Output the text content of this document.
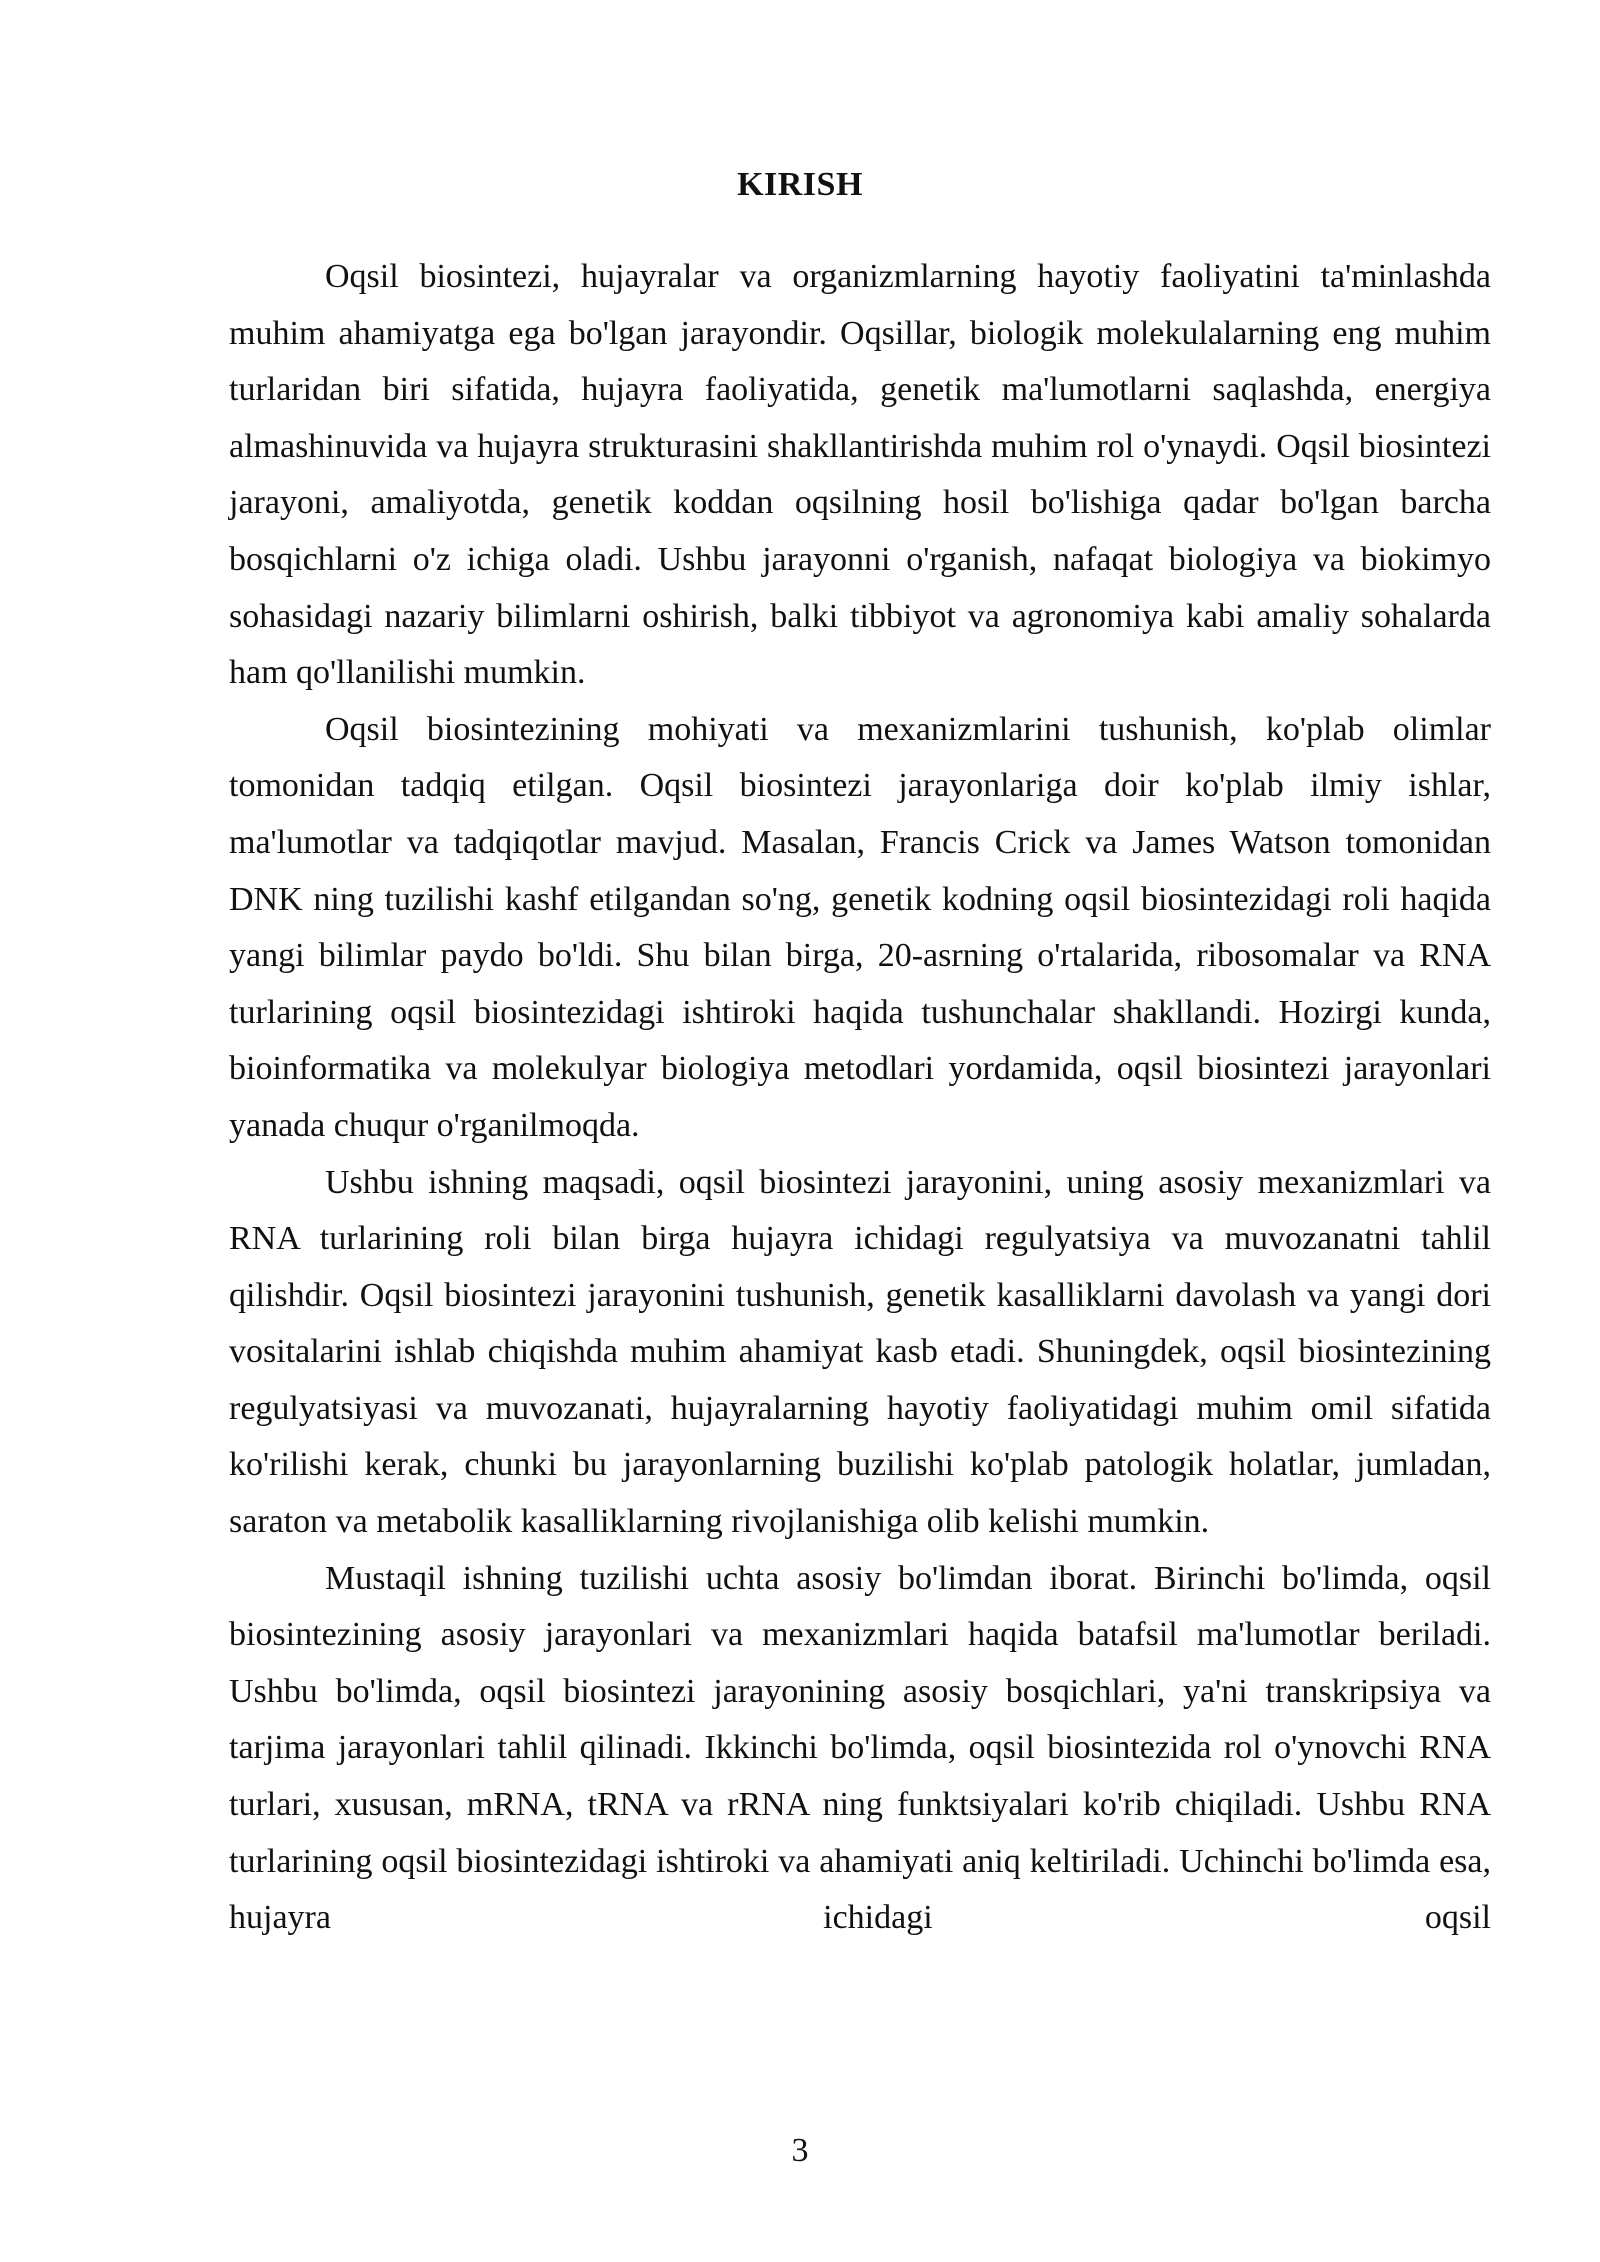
KIRISH

Oqsil biosintezi, hujayralar va organizmlarning hayotiy faoliyatini ta'minlashda muhim ahamiyatga ega bo'lgan jarayondir. Oqsillar, biologik molekulalarning eng muhim turlaridan biri sifatida, hujayra faoliyatida, genetik ma'lumotlarni saqlashda, energiya almashinuvida va hujayra strukturasini shakllantirishda muhim rol o'ynaydi. Oqsil biosintezi jarayoni, amaliyotda, genetik koddan oqsilning hosil bo'lishiga qadar bo'lgan barcha bosqichlarni o'z ichiga oladi. Ushbu jarayonni o'rganish, nafaqat biologiya va biokimyo sohasidagi nazariy bilimlarni oshirish, balki tibbiyot va agronomiya kabi amaliy sohalarda ham qo'llanilishi mumkin.

Oqsil biosintezining mohiyati va mexanizmlarini tushunish, ko'plab olimlar tomonidan tadqiq etilgan. Oqsil biosintezi jarayonlariga doir ko'plab ilmiy ishlar, ma'lumotlar va tadqiqotlar mavjud. Masalan, Francis Crick va James Watson tomonidan DNK ning tuzilishi kashf etilgandan so'ng, genetik kodning oqsil biosintezidagi roli haqida yangi bilimlar paydo bo'ldi. Shu bilan birga, 20-asrning o'rtalarida, ribosomalar va RNA turlarining oqsil biosintezidagi ishtiroki haqida tushunchalar shakllandi. Hozirgi kunda, bioinformatika va molekulyar biologiya metodlari yordamida, oqsil biosintezi jarayonlari yanada chuqur o'rganilmoqda.

Ushbu ishning maqsadi, oqsil biosintezi jarayonini, uning asosiy mexanizmlari va RNA turlarining roli bilan birga hujayra ichidagi regulyatsiya va muvozanatni tahlil qilishdir. Oqsil biosintezi jarayonini tushunish, genetik kasalliklarni davolash va yangi dori vositalarini ishlab chiqishda muhim ahamiyat kasb etadi. Shuningdek, oqsil biosintezining regulyatsiyasi va muvozanati, hujayralarning hayotiy faoliyatidagi muhim omil sifatida ko'rilishi kerak, chunki bu jarayonlarning buzilishi ko'plab patologik holatlar, jumladan, saraton va metabolik kasalliklarning rivojlanishiga olib kelishi mumkin.

Mustaqil ishning tuzilishi uchta asosiy bo'limdan iborat. Birinchi bo'limda, oqsil biosintezining asosiy jarayonlari va mexanizmlari haqida batafsil ma'lumotlar beriladi. Ushbu bo'limda, oqsil biosintezi jarayonining asosiy bosqichlari, ya'ni transkripsiya va tarjima jarayonlari tahlil qilinadi. Ikkinchi bo'limda, oqsil biosintezida rol o'ynovchi RNA turlari, xususan, mRNA, tRNA va rRNA ning funktsiyalari ko'rib chiqiladi. Ushbu RNA turlarining oqsil biosintezidagi ishtiroki va ahamiyati aniq keltiriladi. Uchinchi bo'limda esa, hujayra ichidagi oqsil

3
